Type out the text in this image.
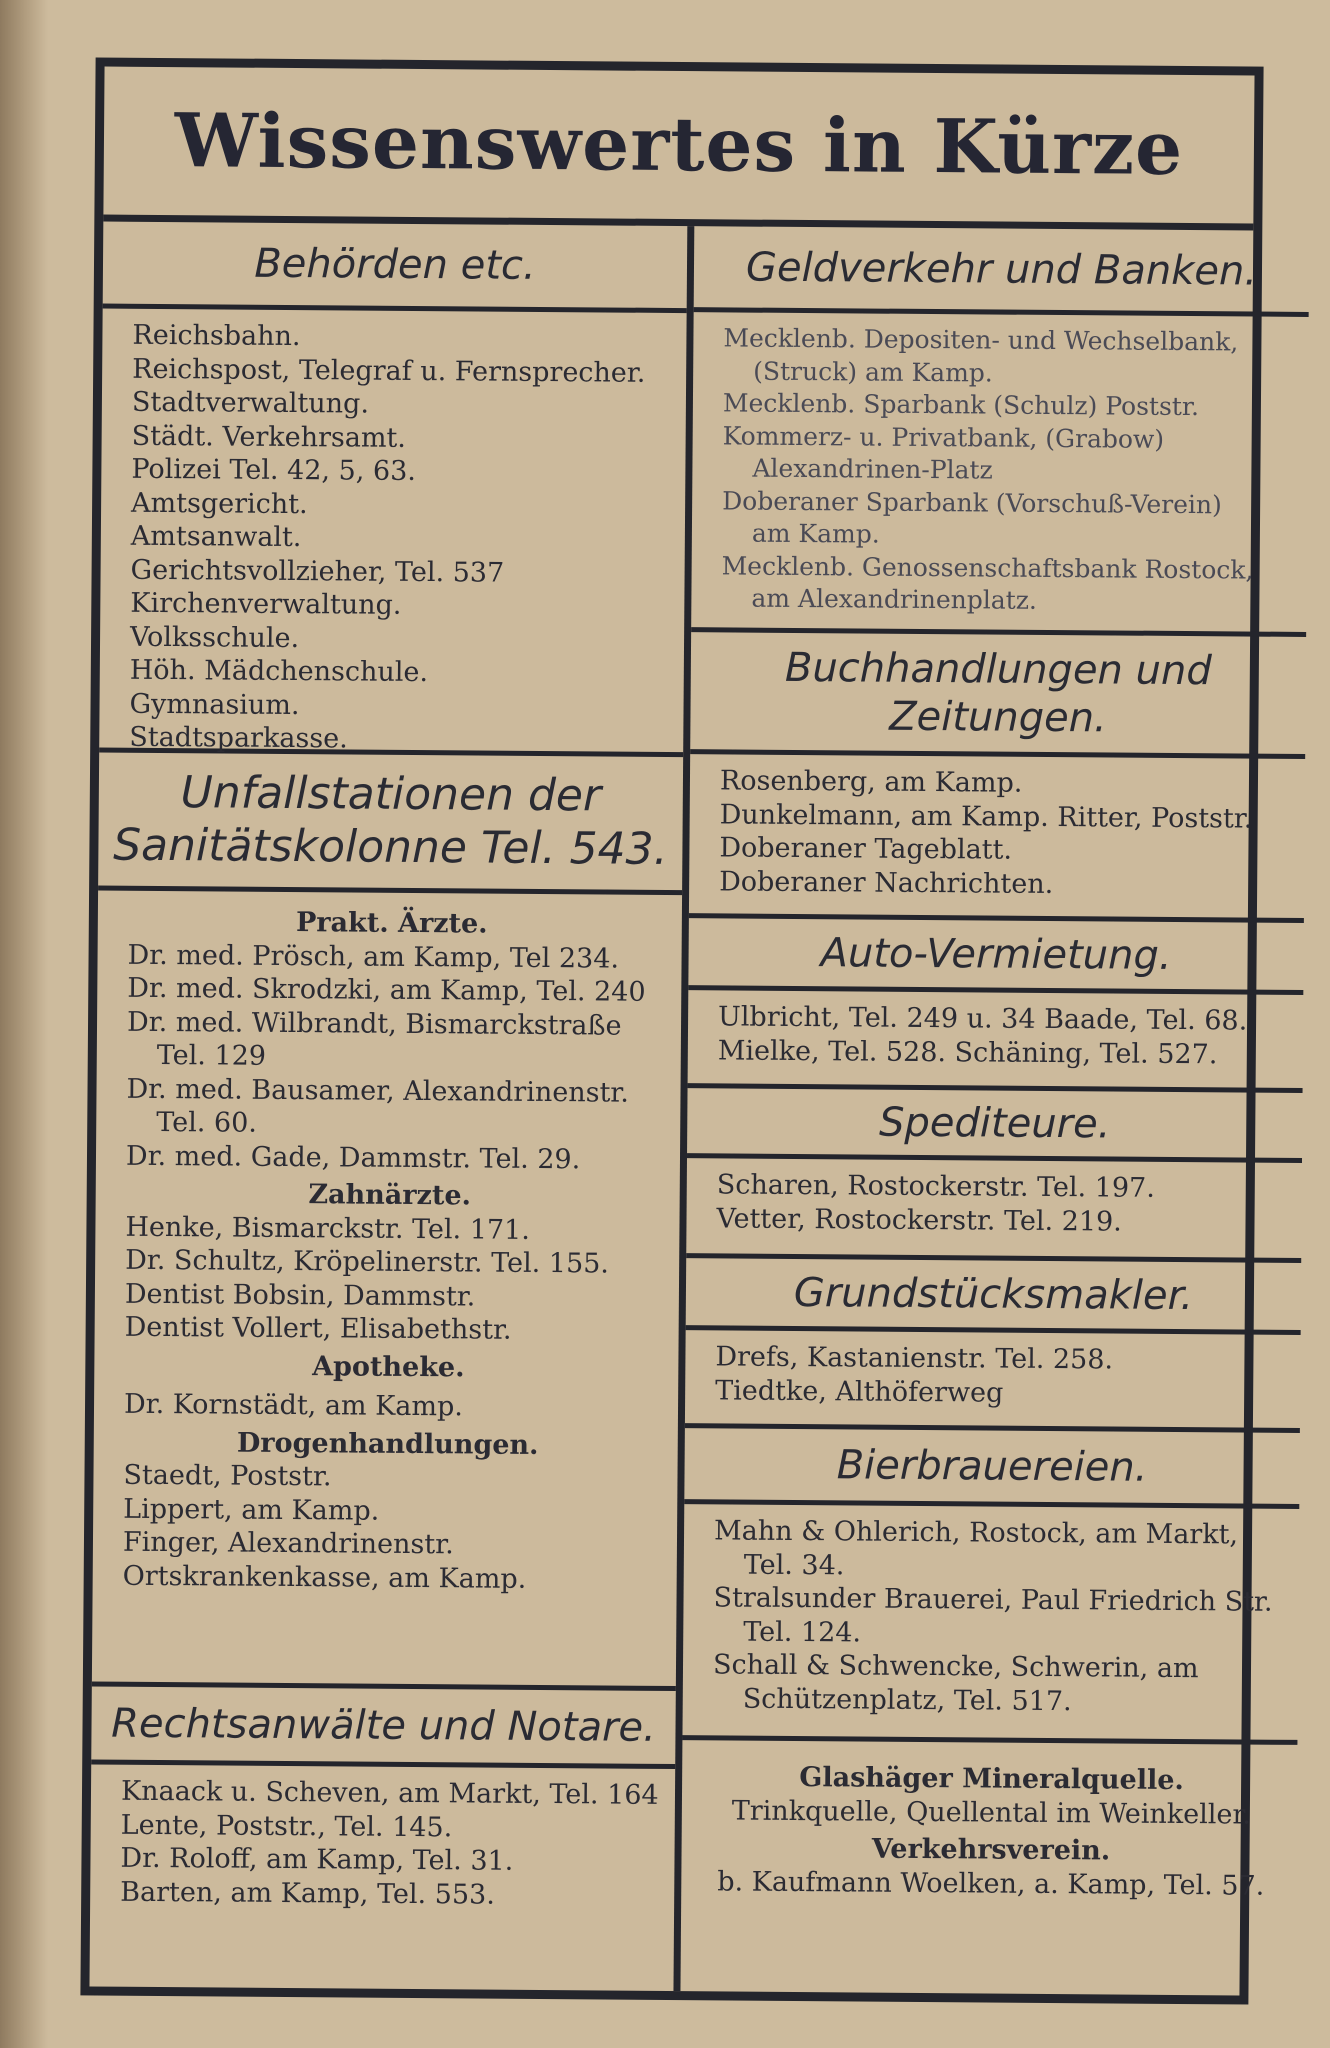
Wissenswertes in Kürze
Behörden etc.
Reichsbahn.
Reichspost, Telegraf u. Fernsprecher.
Stadtverwaltung.
Städt. Verkehrsamt.
Polizei Tel. 42, 5, 63.
Amtsgericht.
Amtsanwalt.
Gerichtsvollzieher, Tel. 537
Kirchenverwaltung.
Volksschule.
Höh. Mädchenschule.
Gymnasium.
Stadtsparkasse.
Unfallstationen der
Sanitätskolonne Tel. 543.
Prakt. Ärzte.
Dr. med. Prösch, am Kamp, Tel 234.
Dr. med. Skrodzki, am Kamp, Tel. 240
Dr. med. Wilbrandt, Bismarckstraße
Tel. 129
Dr. med. Bausamer, Alexandrinenstr.
Tel. 60.
Dr. med. Gade, Dammstr. Tel. 29.
Zahnärzte.
Henke, Bismarckstr. Tel. 171.
Dr. Schultz, Kröpelinerstr. Tel. 155.
Dentist Bobsin, Dammstr.
Dentist Vollert, Elisabethstr.
Apotheke.
Dr. Kornstädt, am Kamp.
Drogenhandlungen.
Staedt, Poststr.
Lippert, am Kamp.
Finger, Alexandrinenstr.
Ortskrankenkasse, am Kamp.
Rechtsanwälte und Notare.
Knaack u. Scheven, am Markt, Tel. 164
Lente, Poststr., Tel. 145.
Dr. Roloff, am Kamp, Tel. 31.
Barten, am Kamp, Tel. 553.
Geldverkehr und Banken.
Mecklenb. Depositen- und Wechselbank,
(Struck) am Kamp.
Mecklenb. Sparbank (Schulz) Poststr.
Kommerz- u. Privatbank, (Grabow)
Alexandrinen-Platz
Doberaner Sparbank (Vorschuß-Verein)
am Kamp.
Mecklenb. Genossenschaftsbank Rostock,
am Alexandrinenplatz.
Buchhandlungen und
Zeitungen.
Rosenberg, am Kamp.
Dunkelmann, am Kamp. Ritter, Poststr.
Doberaner Tageblatt.
Doberaner Nachrichten.
Auto-Vermietung.
Ulbricht, Tel. 249 u. 34 Baade, Tel. 68.
Mielke, Tel. 528. Schäning, Tel. 527.
Spediteure.
Scharen, Rostockerstr. Tel. 197.
Vetter, Rostockerstr. Tel. 219.
Grundstücksmakler.
Drefs, Kastanienstr. Tel. 258.
Tiedtke, Althöferweg
Bierbrauereien.
Mahn & Ohlerich, Rostock, am Markt,
Tel. 34.
Stralsunder Brauerei, Paul Friedrich Str.
Tel. 124.
Schall & Schwencke, Schwerin, am
Schützenplatz, Tel. 517.
Glashäger Mineralquelle.
Trinkquelle, Quellental im Weinkeller.
Verkehrsverein.
b. Kaufmann Woelken, a. Kamp, Tel. 57.
